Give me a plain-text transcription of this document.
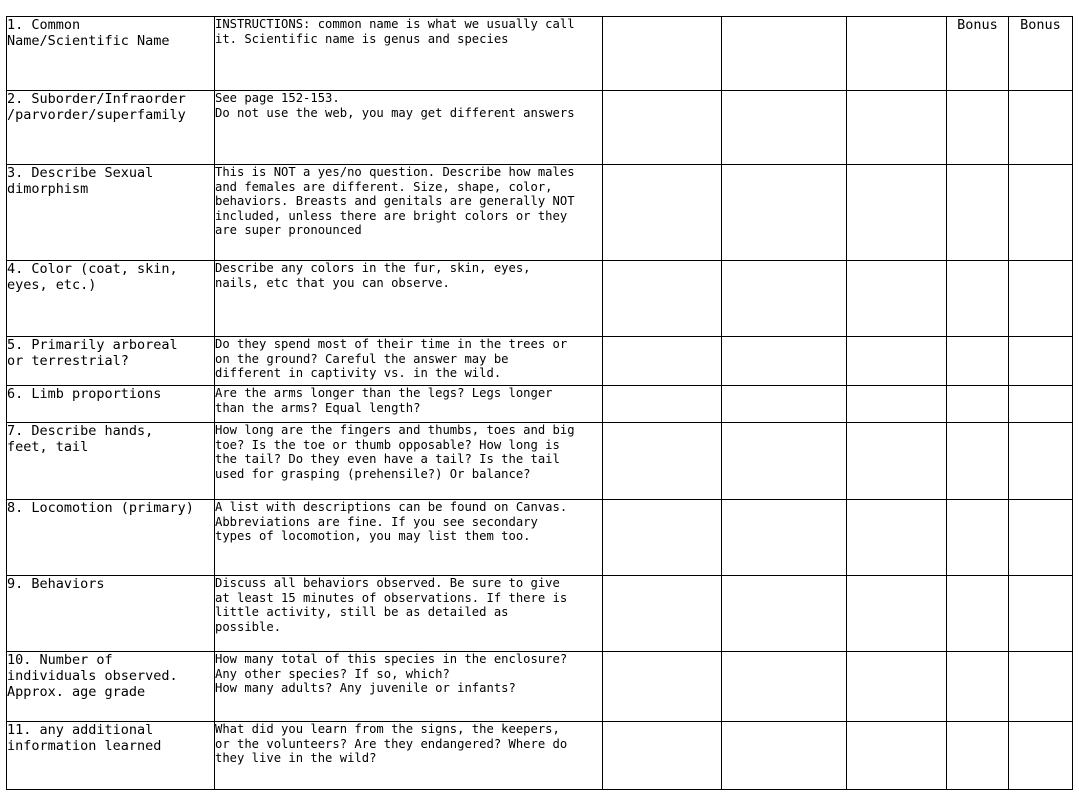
1. Common
Name/Scientific Name	INSTRUCTIONS: common name is what we usually call
it. Scientific name is genus and species				Bonus	Bonus
2. Suborder/Infraorder
/parvorder/superfamily	See page 152-153.
Do not use the web, you may get different answers					
3. Describe Sexual
dimorphism	This is NOT a yes/no question. Describe how males
and females are different. Size, shape, color,
behaviors. Breasts and genitals are generally NOT
included, unless there are bright colors or they
are super pronounced					
4. Color (coat, skin,
eyes, etc.)	Describe any colors in the fur, skin, eyes,
nails, etc that you can observe.					
5. Primarily arboreal
or terrestrial?	Do they spend most of their time in the trees or
on the ground? Careful the answer may be
different in captivity vs. in the wild.					
6. Limb proportions	Are the arms longer than the legs? Legs longer
than the arms? Equal length?					
7. Describe hands,
feet, tail	How long are the fingers and thumbs, toes and big
toe? Is the toe or thumb opposable? How long is
the tail? Do they even have a tail? Is the tail
used for grasping (prehensile?) Or balance?					
8. Locomotion (primary)	A list with descriptions can be found on Canvas.
Abbreviations are fine. If you see secondary
types of locomotion, you may list them too.					
9. Behaviors	Discuss all behaviors observed. Be sure to give
at least 15 minutes of observations. If there is
little activity, still be as detailed as
possible.					
10. Number of
individuals observed.
Approx. age grade	How many total of this species in the enclosure?
Any other species? If so, which?
How many adults? Any juvenile or infants?					
11. any additional
information learned	What did you learn from the signs, the keepers,
or the volunteers? Are they endangered? Where do
they live in the wild?					
